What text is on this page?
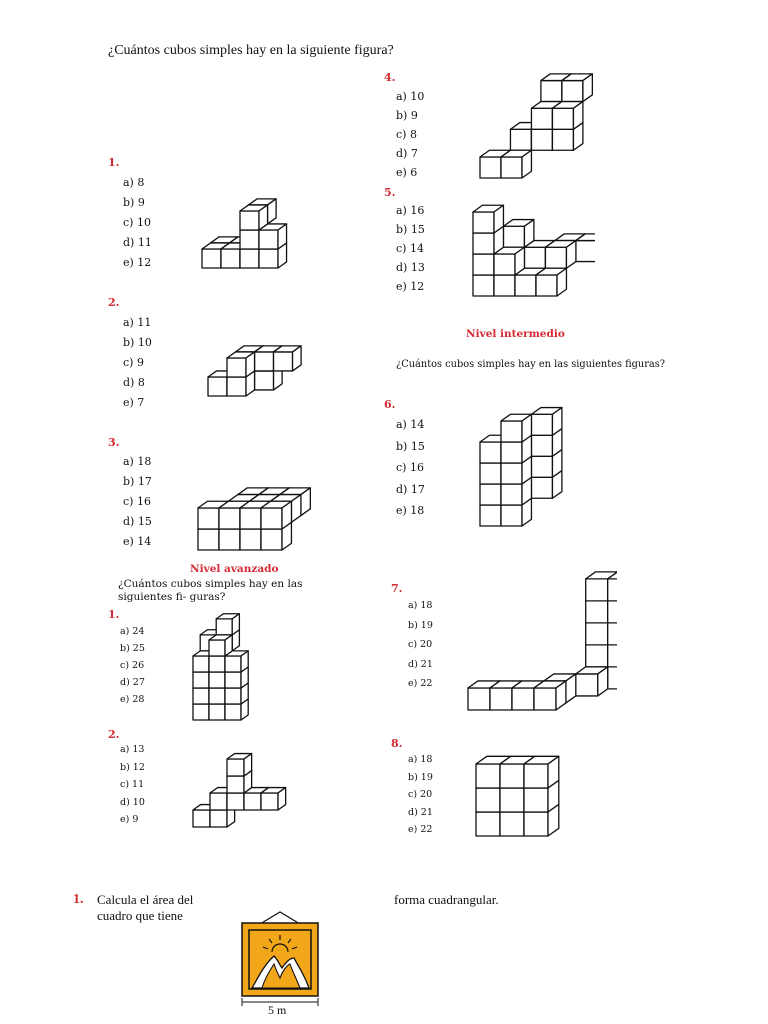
¿Cuántos cubos simples hay en la siguiente figura?
1.
a) 8
b) 9
c) 10
d) 11
e) 12
2.
a) 11
b) 10
c) 9
d) 8
e) 7
3.
a) 18
b) 17
c) 16
d) 15
e) 14
Nivel avanzado
¿Cuántos cubos simples hay en las siguientes fi- guras?
1.
a) 24
b) 25
c) 26
d) 27
e) 28
2.
a) 13
b) 12
c) 11
d) 10
e) 9
4.
a) 10
b) 9
c) 8
d) 7
e) 6
5.
a) 16
b) 15
c) 14
d) 13
e) 12
Nivel intermedio
¿Cuántos cubos simples hay en las siguientes figuras?
6.
a) 14
b) 15
c) 16
d) 17
e) 18
7.
a) 18
b) 19
c) 20
d) 21
e) 22
8.
a) 18
b) 19
c) 20
d) 21
e) 22
1. Calcula el área del
cuadro que tiene
forma cuadrangular.
5 m
